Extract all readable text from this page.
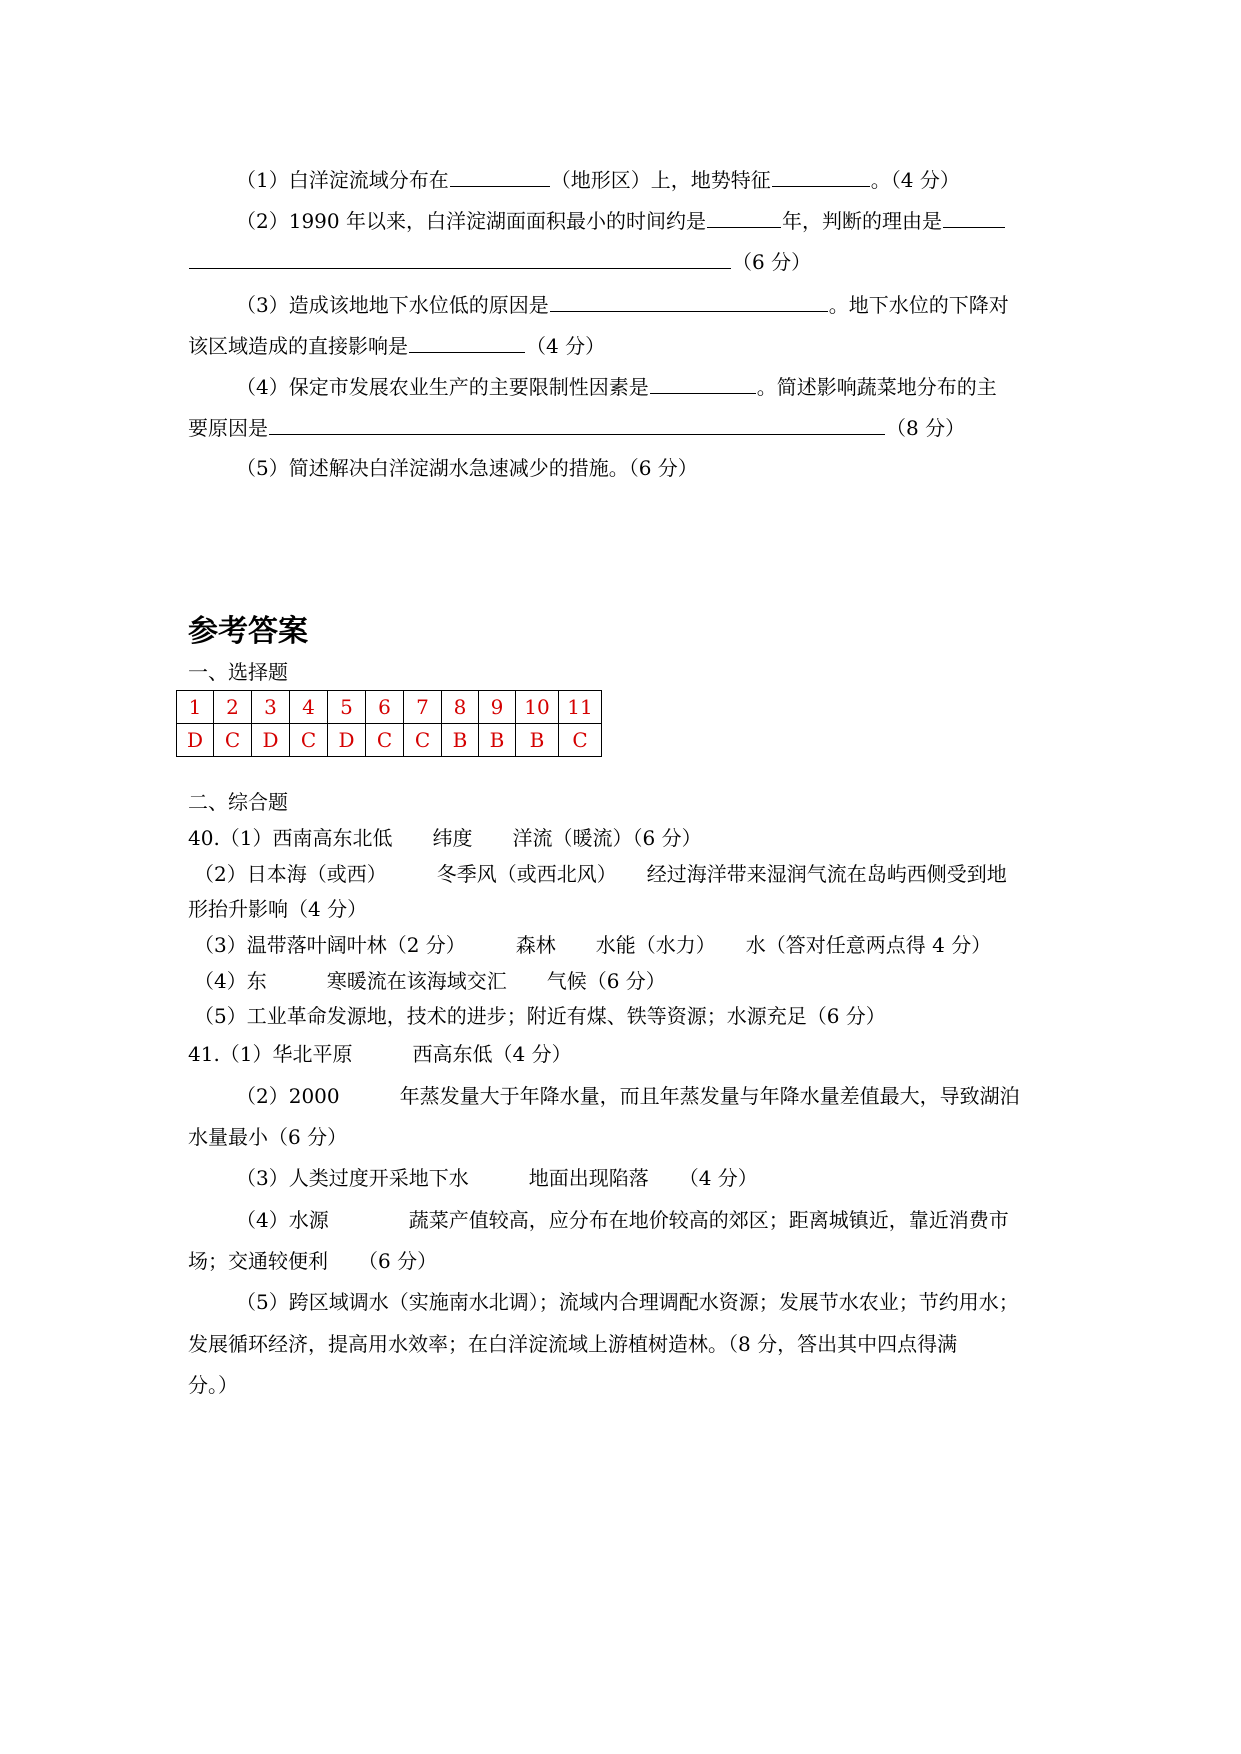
（1）白洋淀流域分布在	（地形区）上，地势特征	。（4 分）
（2）1990 年以来，白洋淀湖面面积最小的时间约是	年，判断的理由是
（6 分）
（3）造成该地地下水位低的原因是	。地下水位的下降对
该区域造成的直接影响是	（4 分）
（4）保定市发展农业生产的主要限制性因素是	。简述影响蔬菜地分布的主
要原因是	（8 分）
（5）简述解决白洋淀湖水急速减少的措施。（6 分）
参考答案
一、选择题
1	2	3	4	5	6	7	8	9	10	11
D	C	D	C	D	C	C	B	B	B	C
二、综合题
40.（1）西南高东北低　　纬度　　洋流（暖流）（6 分）
（2）日本海（或西）　　　冬季风（或西北风）　　经过海洋带来湿润气流在岛屿西侧受到地
形抬升影响（4 分）
（3）温带落叶阔叶林（2 分）　　　森林　　水能（水力）　　水（答对任意两点得 4 分）
（4）东　　　寒暖流在该海域交汇　　气候（6 分）
（5）工业革命发源地，技术的进步；附近有煤、铁等资源；水源充足（6 分）
41.（1）华北平原　　　西高东低（4 分）
（2）2000　　　年蒸发量大于年降水量，而且年蒸发量与年降水量差值最大，导致湖泊
水量最小（6 分）
（3）人类过度开采地下水　　　地面出现陷落　　（4 分）
（4）水源　　　　蔬菜产值较高，应分布在地价较高的郊区；距离城镇近，靠近消费市
场；交通较便利　　（6 分）
（5）跨区域调水（实施南水北调）；流域内合理调配水资源；发展节水农业；节约用水；
发展循环经济，提高用水效率；在白洋淀流域上游植树造林。（8 分，答出其中四点得满
分。）
